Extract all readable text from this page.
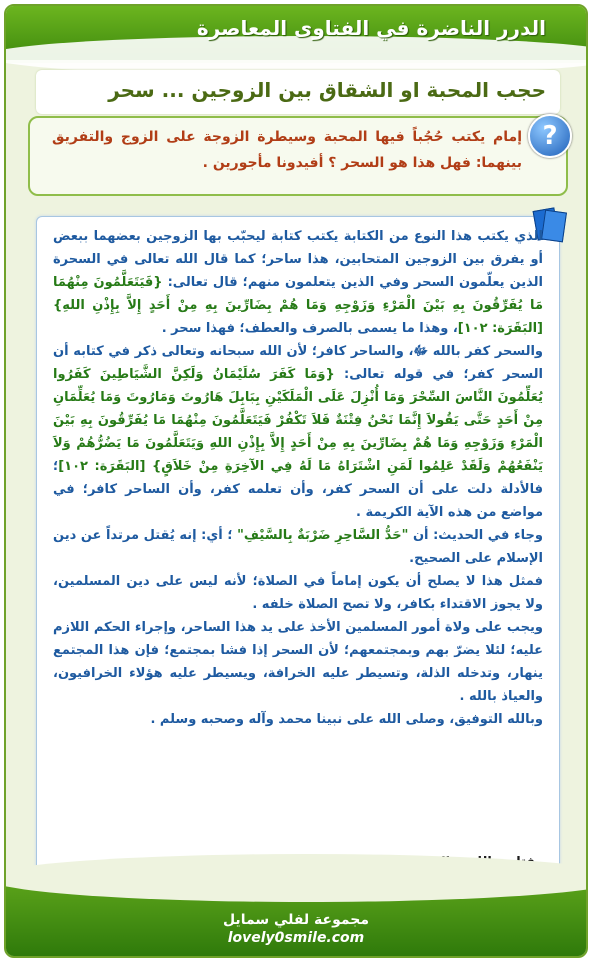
الدرر الناضرة في الفتاوى المعاصرة
حجب المحبة او الشقاق بين الزوجين ... سحر
?
إمام يكتب حُجُباً فيها المحبة وسيطرة الزوجة على الزوج والتفريق بينهما: فهل هذا هو السحر ؟ أفيدونا مأجورين .

الذي يكتب هذا النوع من الكتابة يكتب كتابة ليحبّب بها الزوجين بعضهما ببعض أو يفرق بين الزوجين المتحابين، هذا ساحر؛ كما قال الله تعالى في السحرة الذين يعلّمون السحر وفي الذين يتعلمون منهم؛ قال تعالى: {فَيَتَعَلَّمُونَ مِنْهُمَا مَا يُفَرِّقُونَ بِهِ بَيْنَ الْمَرْءِ وَزَوْجِهِ وَمَا هُمْ بِضَارِّينَ بِهِ مِنْ أَحَدٍ إِلاَّ بِإِذْنِ اللهِ} [البَقَرَة: ١٠٢]، وهذا ما يسمى بالصرف والعطف؛ فهذا سحر .

والسحر كفر بالله ﷻ، والساحر كافر؛ لأن الله سبحانه وتعالى ذكر في كتابه أن السحر كفر؛ في قوله تعالى: {وَمَا كَفَرَ سُلَيْمَانُ وَلَكِنَّ الشَّيَاطِينَ كَفَرُوا يُعَلِّمُونَ النَّاسَ السِّحْرَ وَمَا أُنْزِلَ عَلَى الْمَلَكَيْنِ بِبَابِلَ هَارُوتَ وَمَارُوتَ وَمَا يُعَلِّمَانِ مِنْ أَحَدٍ حَتَّى يَقُولاَ إِنَّمَا نَحْنُ فِتْنَةٌ فَلاَ تَكْفُرْ فَيَتَعَلَّمُونَ مِنْهُمَا مَا يُفَرِّقُونَ بِهِ بَيْنَ الْمَرْءِ وَزَوْجِهِ وَمَا هُمْ بِضَارِّينَ بِهِ مِنْ أَحَدٍ إِلاَّ بِإِذْنِ اللهِ وَيَتَعَلَّمُونَ مَا يَضُرُّهُمْ وَلاَ يَنْفَعُهُمْ وَلَقَدْ عَلِمُوا لَمَنِ اشْتَرَاهُ مَا لَهُ فِي الآخِرَةِ مِنْ خَلاَقٍ} [البَقَرَة: ١٠٢]؛ فالأدلة دلت على أن السحر كفر، وأن تعلمه كفر، وأن الساحر كافر؛ في مواضع من هذه الآية الكريمة .

وجاء في الحديث: أن "حَدُّ السَّاحِرِ ضَرْبَةٌ بِالسَّيْفِ" ؛ أي: إنه يُقتل مرتداً عن دين الإسلام على الصحيح.

فمثل هذا لا يصلح أن يكون إماماً في الصلاة؛ لأنه ليس على دين المسلمين، ولا يجوز الاقتداء بكافر، ولا تصح الصلاة خلفه .

ويجب على ولاة أمور المسلمين الأخذ على يد هذا الساحر، وإجراء الحكم اللازم عليه؛ لئلا يضرّ بهم وبمجتمعهم؛ لأن السحر إذا فشا بمجتمع؛ فإن هذا المجتمع ينهار، وتدخله الذلة، وتسيطر عليه الخرافة، ويسيطر عليه هؤلاء الخرافيون، والعياذ بالله .

وبالله التوفيق، وصلى الله على نبينا محمد وآله وصحبه وسلم .

مجموعة لفلي سمايل
lovely0smile.com
